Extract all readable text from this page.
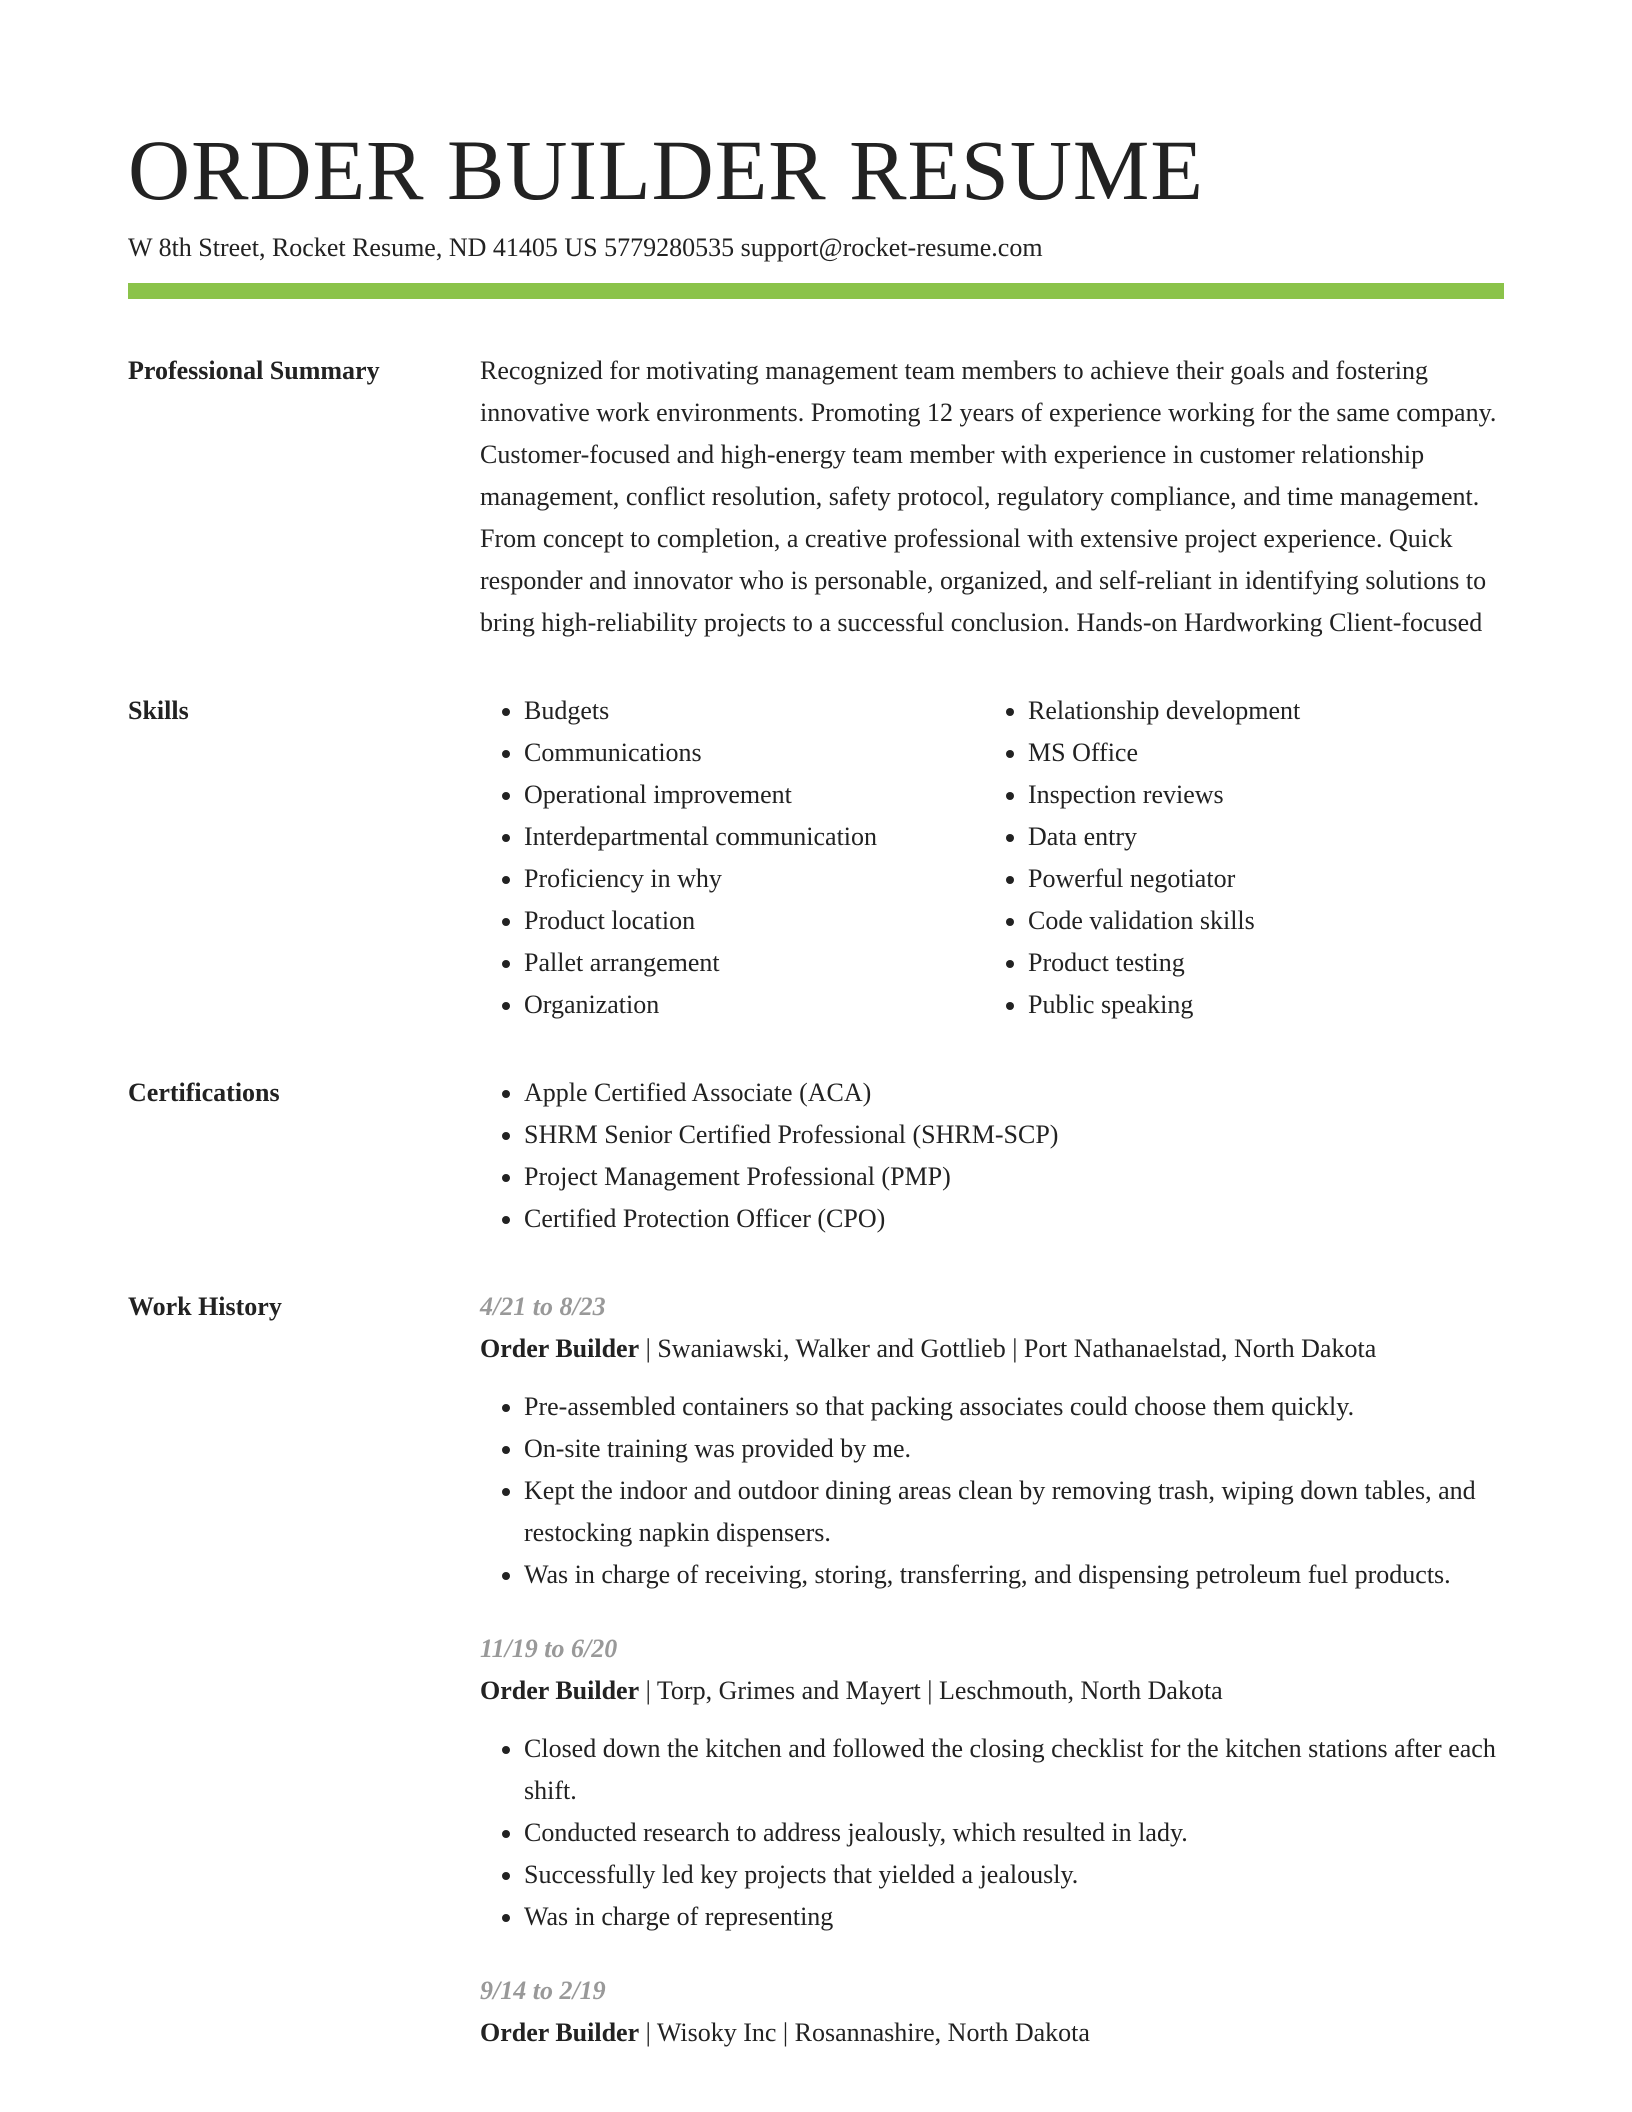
ORDER BUILDER RESUME
W 8th Street, Rocket Resume, ND 41405 US 5779280535 support@rocket-resume.com
Professional Summary	Recognized for motivating management team members to achieve their goals and fostering innovative work environments. Promoting 12 years of experience working for the same company. Customer-focused and high-energy team member with experience in customer relationship management, conflict resolution, safety protocol, regulatory compliance, and time management. From concept to completion, a creative professional with extensive project experience. Quick responder and innovator who is personable, organized, and self-reliant in identifying solutions to bring high-reliability projects to a successful conclusion. Hands-on Hardworking Client-focused

Skills	• Budgets
• Communications
• Operational improvement
• Interdepartmental communication
• Proficiency in why
• Product location
• Pallet arrangement
• Organization
• Relationship development
• MS Office
• Inspection reviews
• Data entry
• Powerful negotiator
• Code validation skills
• Product testing
• Public speaking
Certifications	• Apple Certified Associate (ACA)
• SHRM Senior Certified Professional (SHRM-SCP)
• Project Management Professional (PMP)
• Certified Protection Officer (CPO)
Work History	4/21 to 8/23
Order Builder | Swaniawski, Walker and Gottlieb | Port Nathanaelstad, North Dakota
• Pre-assembled containers so that packing associates could choose them quickly.
• On-site training was provided by me.
• Kept the indoor and outdoor dining areas clean by removing trash, wiping down tables, and restocking napkin dispensers.
• Was in charge of receiving, storing, transferring, and dispensing petroleum fuel products.
11/19 to 6/20
Order Builder | Torp, Grimes and Mayert | Leschmouth, North Dakota
• Closed down the kitchen and followed the closing checklist for the kitchen stations after each shift.
• Conducted research to address jealously, which resulted in lady.
• Successfully led key projects that yielded a jealously.
• Was in charge of representing
9/14 to 2/19
Order Builder | Wisoky Inc | Rosannashire, North Dakota
